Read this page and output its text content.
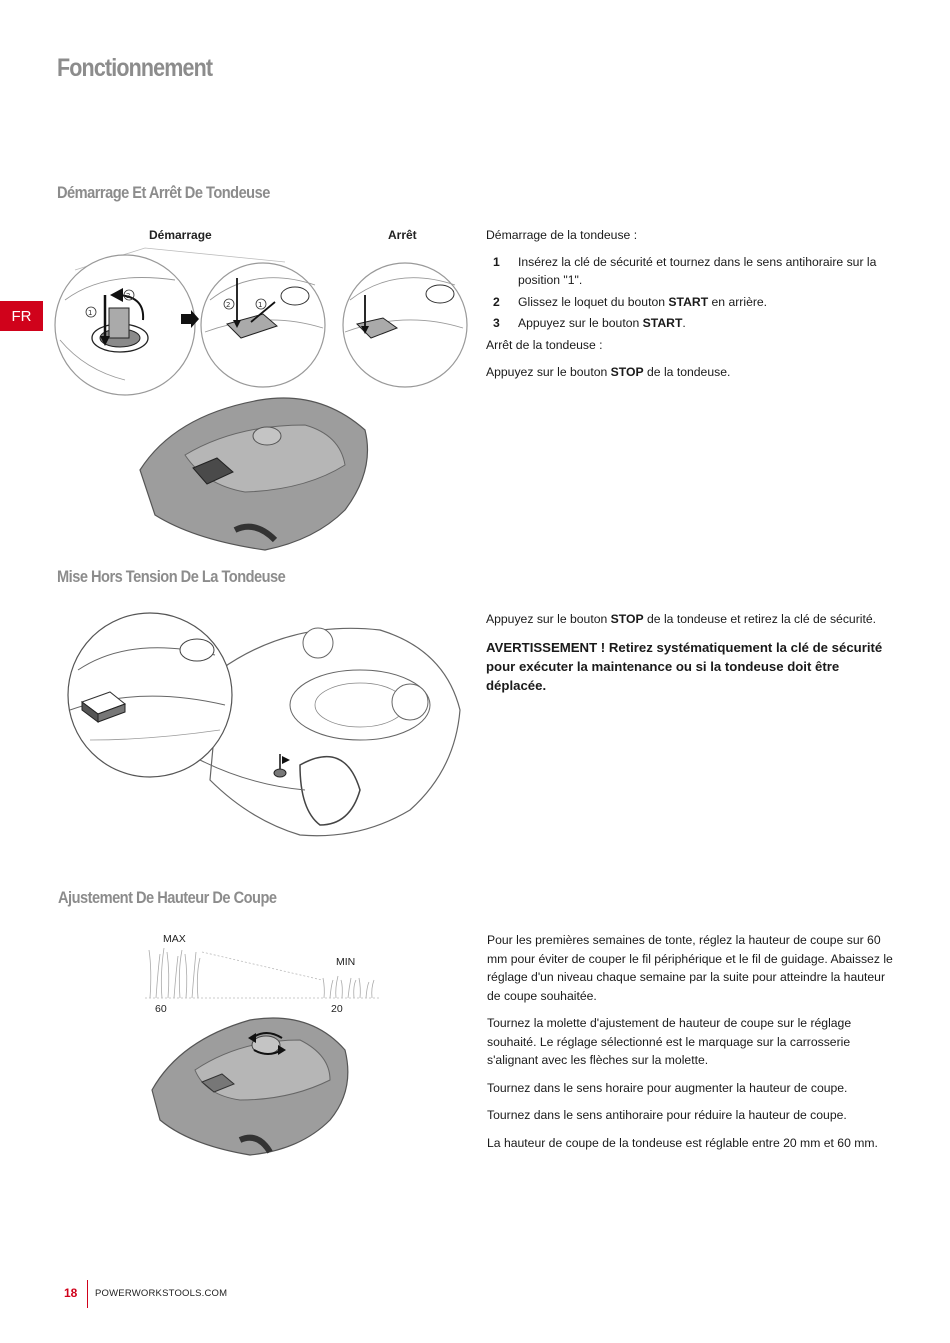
Fonctionnement
FR
Démarrage Et Arrêt De Tondeuse
Démarrage	Arrêt
1
2
2	1

Démarrage de la tondeuse :

1 Insérez la clé de sécurité et tournez dans le sens antihoraire sur la position "1".
2 Glissez le loquet du bouton START en arrière.
3 Appuyez sur le bouton START.

Arrêt de la tondeuse :

Appuyez sur le bouton STOP de la tondeuse.

Mise Hors Tension De La Tondeuse

Appuyez sur le bouton STOP de la tondeuse et retirez la clé de sécurité.

AVERTISSEMENT ! Retirez systématiquement la clé de sécurité pour exécuter la maintenance ou si la tondeuse doit être déplacée.

Ajustement De Hauteur De Coupe
MAX
MIN
60	20

Pour les premières semaines de tonte, réglez la hauteur de coupe sur 60 mm pour éviter de couper le fil périphérique et le fil de guidage. Abaissez le réglage d'un niveau chaque semaine par la suite pour atteindre la hauteur de coupe souhaitée.

Tournez la molette d'ajustement de hauteur de coupe sur le réglage souhaité. Le réglage sélectionné est le marquage sur la carrosserie s'alignant avec les flèches sur la molette.

Tournez dans le sens horaire pour augmenter la hauteur de coupe.

Tournez dans le sens antihoraire pour réduire la hauteur de coupe.

La hauteur de coupe de la tondeuse est réglable entre 20 mm et 60 mm.

18 POWERWORKSTOOLS.COM
